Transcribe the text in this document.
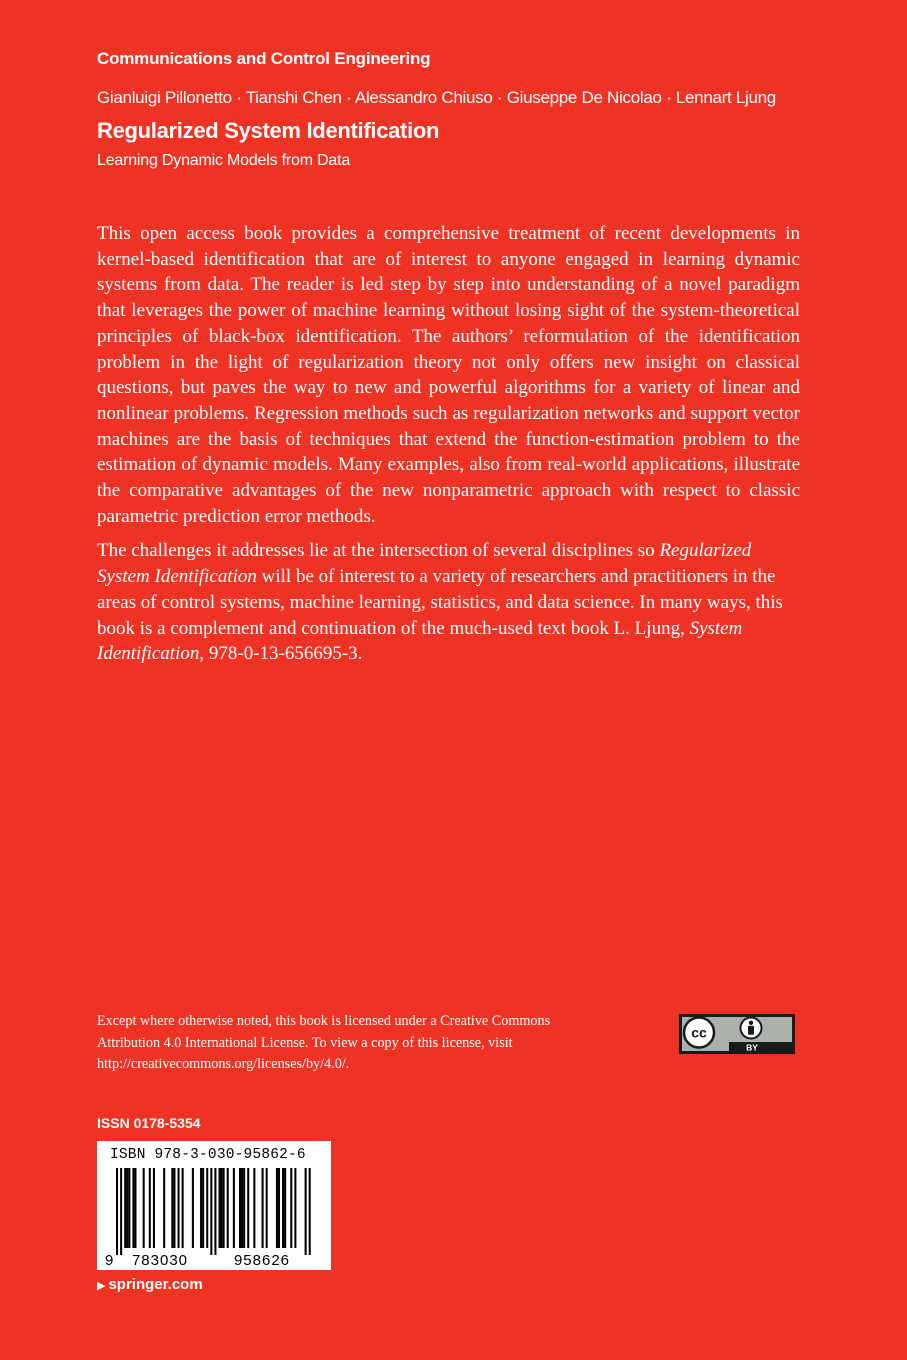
Communications and Control Engineering
Gianluigi Pillonetto · Tianshi Chen · Alessandro Chiuso · Giuseppe De Nicolao · Lennart Ljung
Regularized System Identification
Learning Dynamic Models from Data

This open access book provides a comprehensive treatment of recent developments in kernel-based identification that are of interest to anyone engaged in learning dynamic systems from data. The reader is led step by step into understanding of a novel paradigm that leverages the power of machine learning without losing sight of the system-theoretical principles of black-box identification. The authors’ reformulation of the identification problem in the light of regularization theory not only offers new insight on classical questions, but paves the way to new and powerful algorithms for a variety of linear and nonlinear problems. Regression methods such as regularization networks and support vector machines are the basis of techniques that extend the function-estimation problem to the estimation of dynamic models. Many examples, also from real-world applications, illustrate the comparative advantages of the new nonparametric approach with respect to classic parametric prediction error methods.

The challenges it addresses lie at the intersection of several disciplines so Regularized System Identification will be of interest to a variety of researchers and practitioners in the areas of control systems, machine learning, statistics, and data science. In many ways, this book is a complement and continuation of the much-used text book L. Ljung, System Identification, 978-0-13-656695-3.

Except where otherwise noted, this book is licensed under a Creative Commons Attribution 4.0 International License. To view a copy of this license, visit http://creativecommons.org/licenses/by/4.0/.
cc
BY
ISSN 0178-5354
ISBN 978-3-030-95862-6
9 783030	958626
▶ springer.com
